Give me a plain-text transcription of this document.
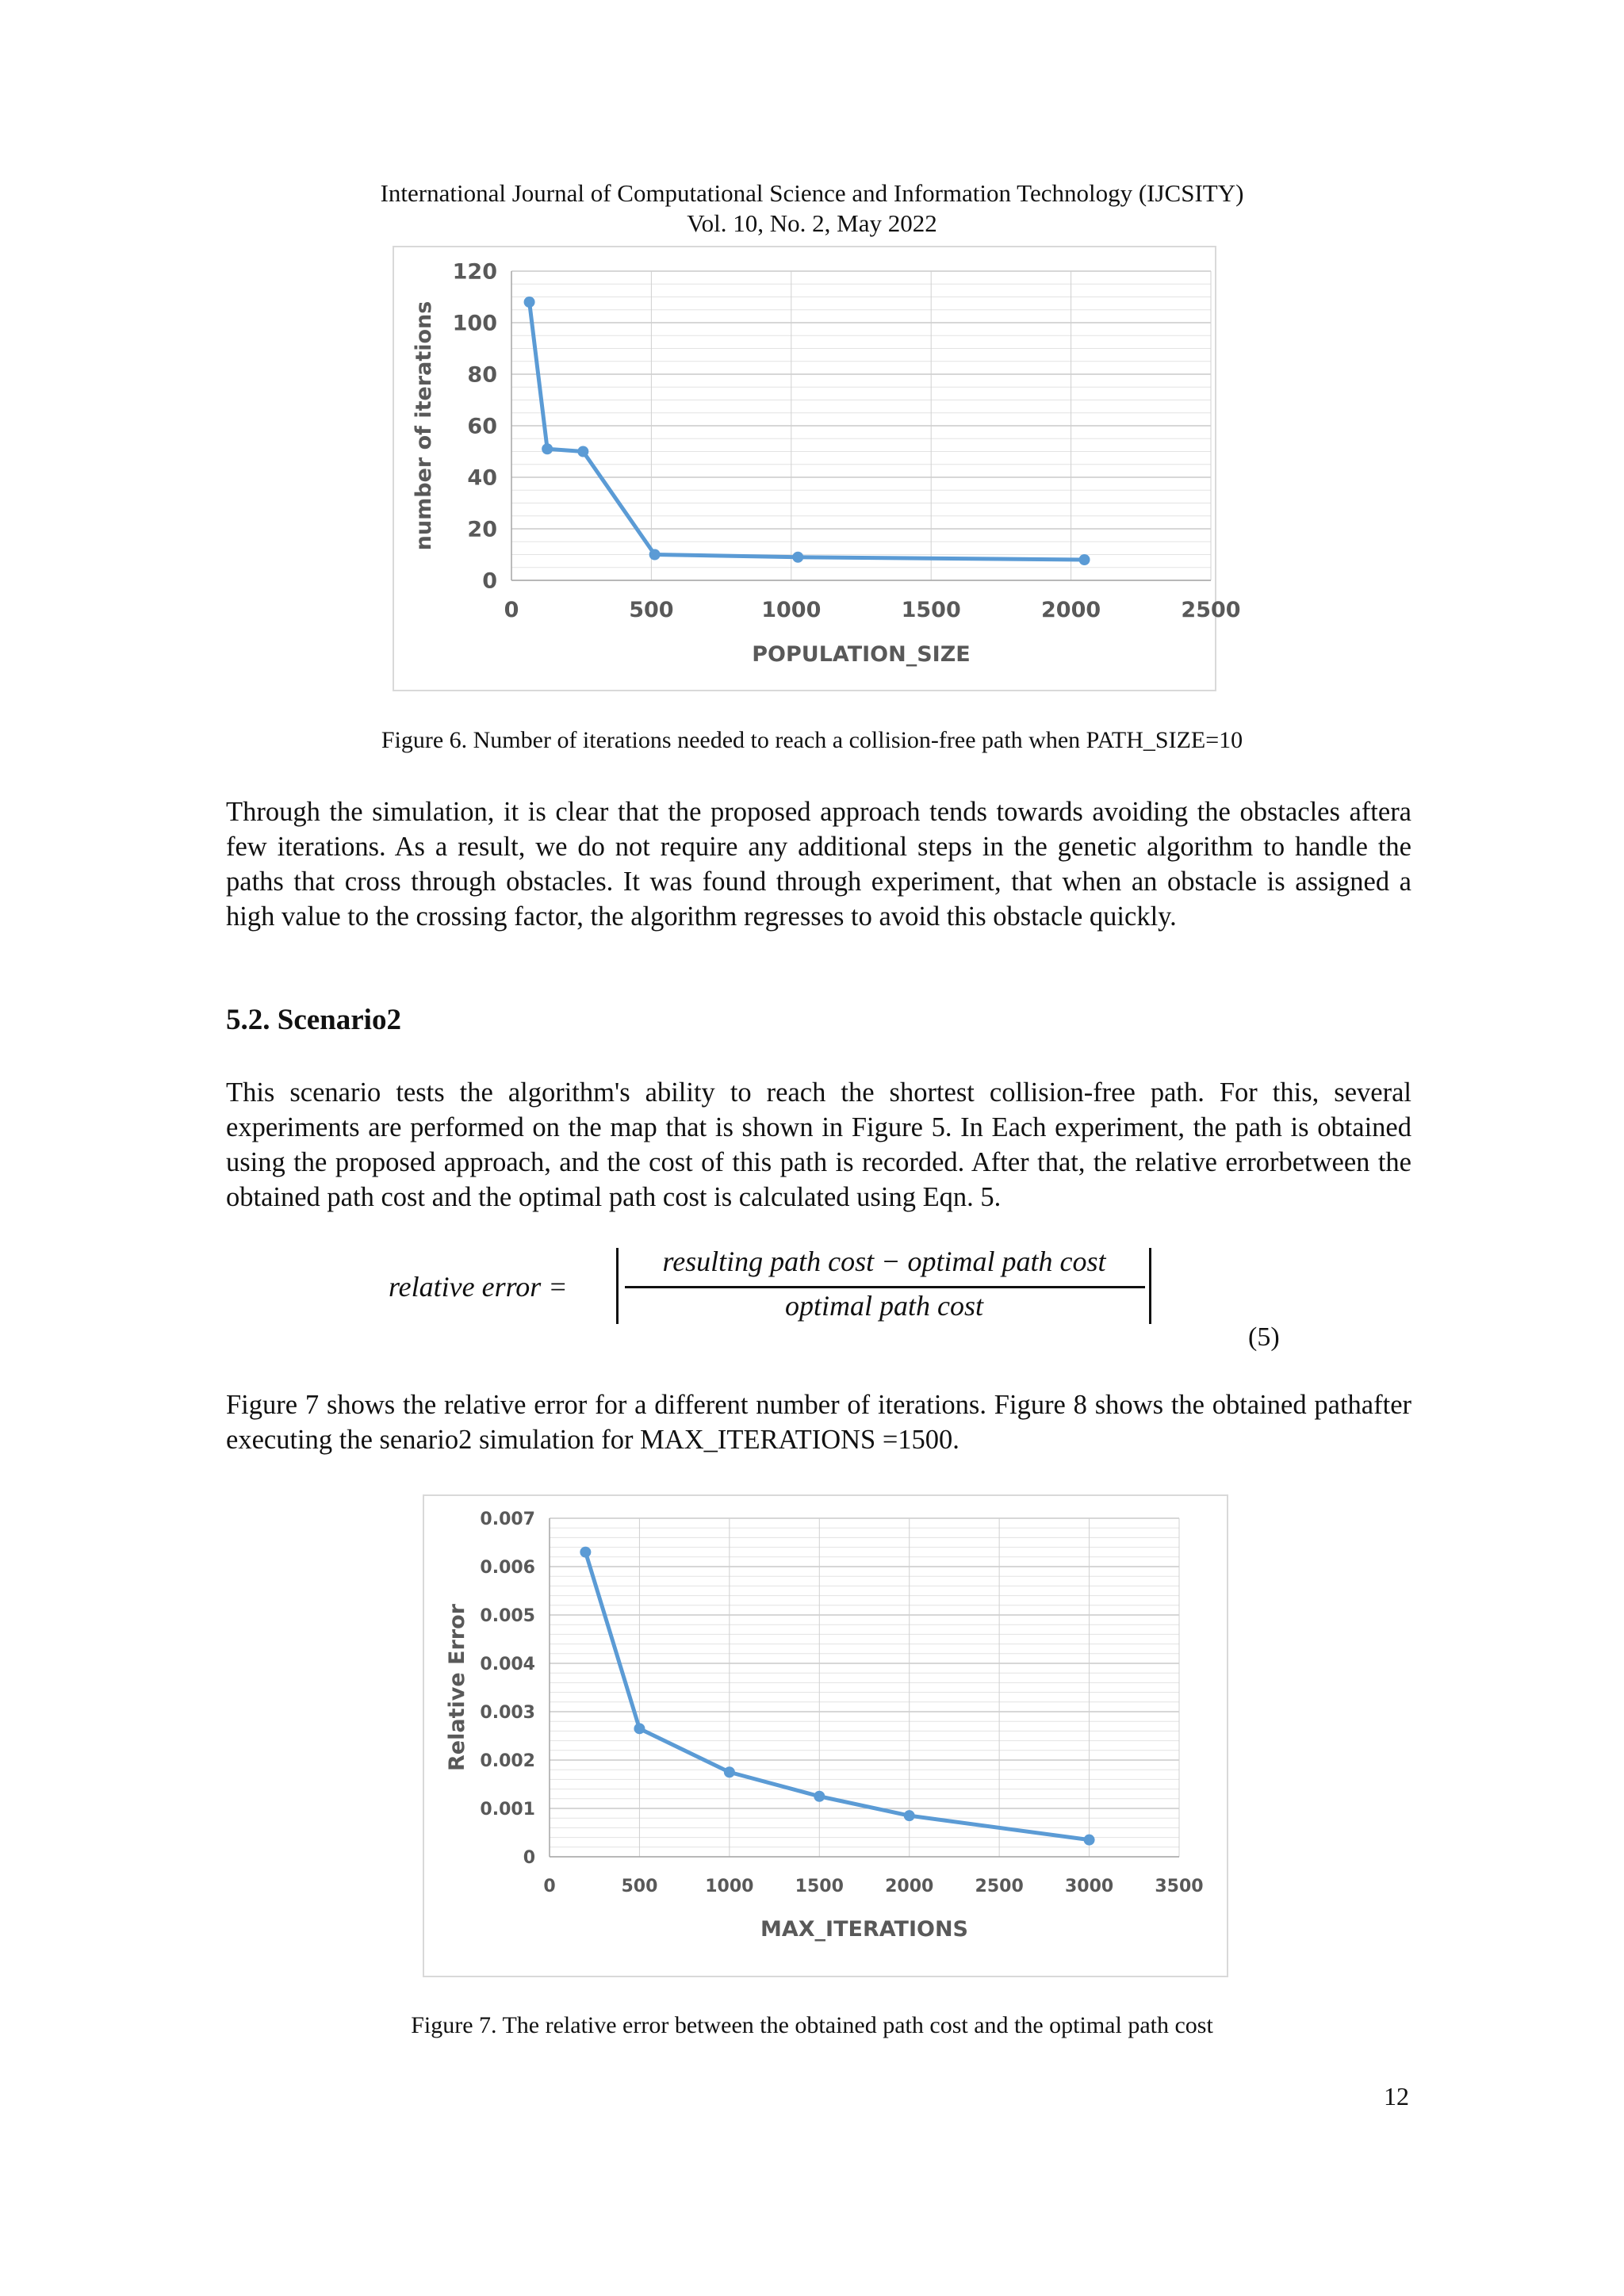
International Journal of Computational Science and Information Technology (IJCSITY)
Vol. 10, No. 2, May 2022
0
20
40
60
80
100
120
0	500	1000	1500	2000	2500
POPULATION_SIZE
number of iterations
Figure 6. Number of iterations needed to reach a collision-free path when PATH_SIZE=10

Through the simulation, it is clear that the proposed approach tends towards avoiding the obstacles aftera few iterations. As a result, we do not require any additional steps in the genetic algorithm to handle the paths that cross through obstacles. It was found through experiment, that when an obstacle is assigned a high value to the crossing factor, the algorithm regresses to avoid this obstacle quickly.

5.2. Scenario2

This scenario tests the algorithm's ability to reach the shortest collision-free path. For this, several experiments are performed on the map that is shown in Figure 5. In Each experiment, the path is obtained using the proposed approach, and the cost of this path is recorded. After that, the relative errorbetween the obtained path cost and the optimal path cost is calculated using Eqn. 5.

relative error =
resulting path cost − optimal path cost
optimal path cost
(5)

Figure 7 shows the relative error for a different number of iterations. Figure 8 shows the obtained pathafter executing the senario2 simulation for MAX_ITERATIONS =1500.

0
0.001
0.002
0.003
0.004
0.005
0.006
0.007
0	500	1000 1500 2000 2500 3000 3500
MAX_ITERATIONS
Relative Error
Figure 7. The relative error between the obtained path cost and the optimal path cost
12
